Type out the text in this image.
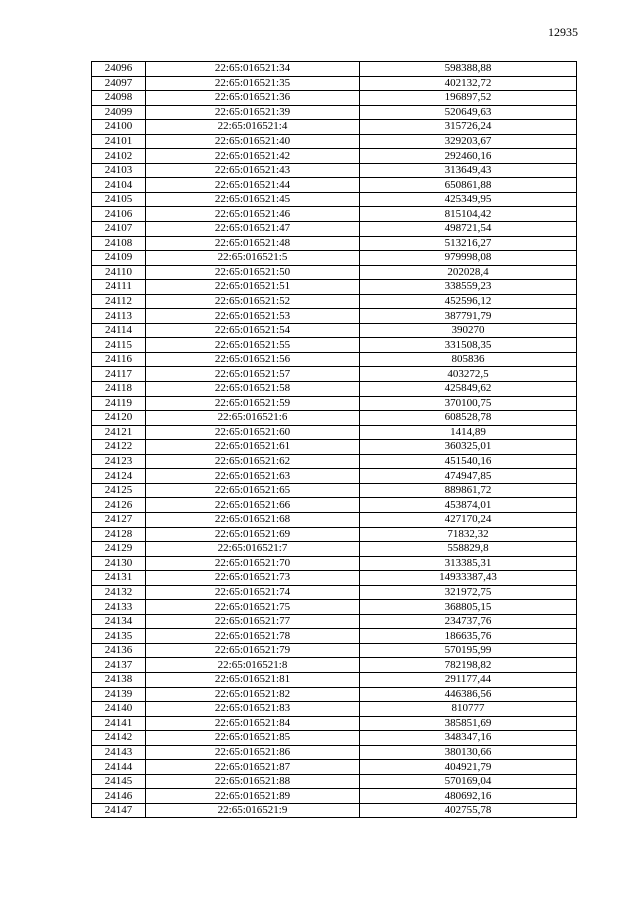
12935
24096	22:65:016521:34	598388,88
24097	22:65:016521:35	402132,72
24098	22:65:016521:36	196897,52
24099	22:65:016521:39	520649,63
24100	22:65:016521:4	315726,24
24101	22:65:016521:40	329203,67
24102	22:65:016521:42	292460,16
24103	22:65:016521:43	313649,43
24104	22:65:016521:44	650861,88
24105	22:65:016521:45	425349,95
24106	22:65:016521:46	815104,42
24107	22:65:016521:47	498721,54
24108	22:65:016521:48	513216,27
24109	22:65:016521:5	979998,08
24110	22:65:016521:50	202028,4
24111	22:65:016521:51	338559,23
24112	22:65:016521:52	452596,12
24113	22:65:016521:53	387791,79
24114	22:65:016521:54	390270
24115	22:65:016521:55	331508,35
24116	22:65:016521:56	805836
24117	22:65:016521:57	403272,5
24118	22:65:016521:58	425849,62
24119	22:65:016521:59	370100,75
24120	22:65:016521:6	608528,78
24121	22:65:016521:60	1414,89
24122	22:65:016521:61	360325,01
24123	22:65:016521:62	451540,16
24124	22:65:016521:63	474947,85
24125	22:65:016521:65	889861,72
24126	22:65:016521:66	453874,01
24127	22:65:016521:68	427170,24
24128	22:65:016521:69	71832,32
24129	22:65:016521:7	558829,8
24130	22:65:016521:70	313385,31
24131	22:65:016521:73	14933387,43
24132	22:65:016521:74	321972,75
24133	22:65:016521:75	368805,15
24134	22:65:016521:77	234737,76
24135	22:65:016521:78	186635,76
24136	22:65:016521:79	570195,99
24137	22:65:016521:8	782198,82
24138	22:65:016521:81	291177,44
24139	22:65:016521:82	446386,56
24140	22:65:016521:83	810777
24141	22:65:016521:84	385851,69
24142	22:65:016521:85	348347,16
24143	22:65:016521:86	380130,66
24144	22:65:016521:87	404921,79
24145	22:65:016521:88	570169,04
24146	22:65:016521:89	480692,16
24147	22:65:016521:9	402755,78
